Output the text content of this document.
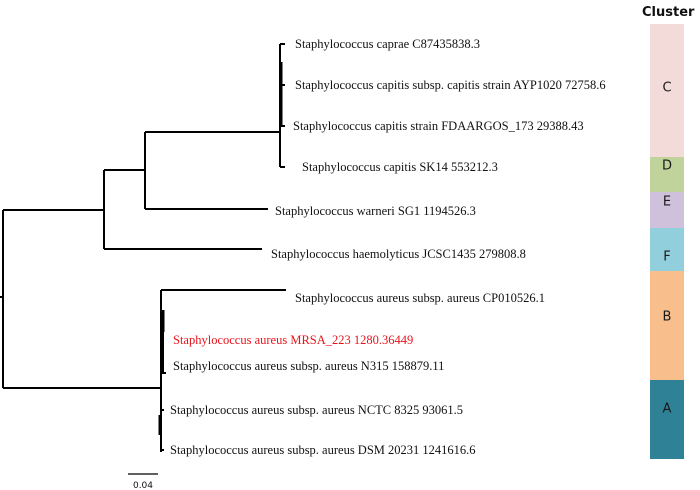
Staphylococcus caprae C87435838.3
Staphylococcus capitis subsp. capitis strain AYP1020 72758.6
Staphylococcus capitis strain FDAARGOS_173 29388.43
Staphylococcus capitis SK14 553212.3
Staphylococcus warneri SG1 1194526.3
Staphylococcus haemolyticus JCSC1435 279808.8
Staphylococcus aureus subsp. aureus CP010526.1
Staphylococcus aureus MRSA_223 1280.36449
Staphylococcus aureus subsp. aureus N315 158879.11
Staphylococcus aureus subsp. aureus NCTC 8325 93061.5
Staphylococcus aureus subsp. aureus DSM 20231 1241616.6
0.04
Cluster
C
D
E
F
B
A
